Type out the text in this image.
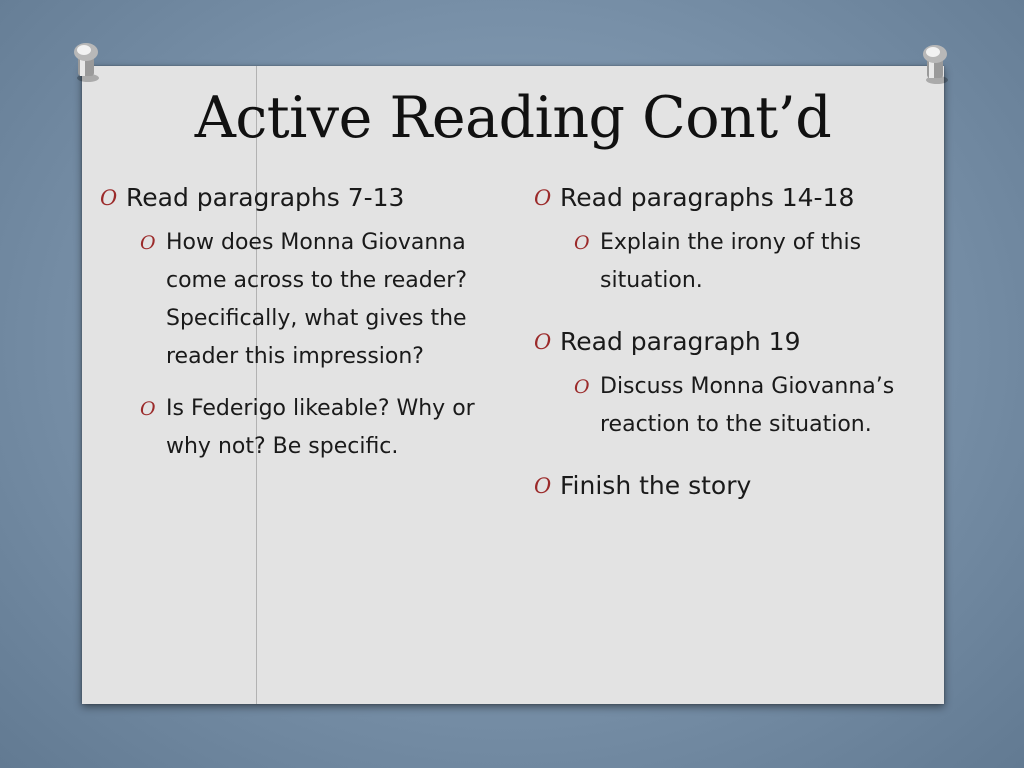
Active Reading Cont’d
O Read paragraphs 7-13
O How does Monna Giovanna come across to the reader? Specifically, what gives the reader this impression?
O Is Federigo likeable? Why or why not? Be specific.
O Read paragraphs 14-18
O Explain the irony of this situation.
O Read paragraph 19
O Discuss Monna Giovanna’s reaction to the situation.
O Finish the story
